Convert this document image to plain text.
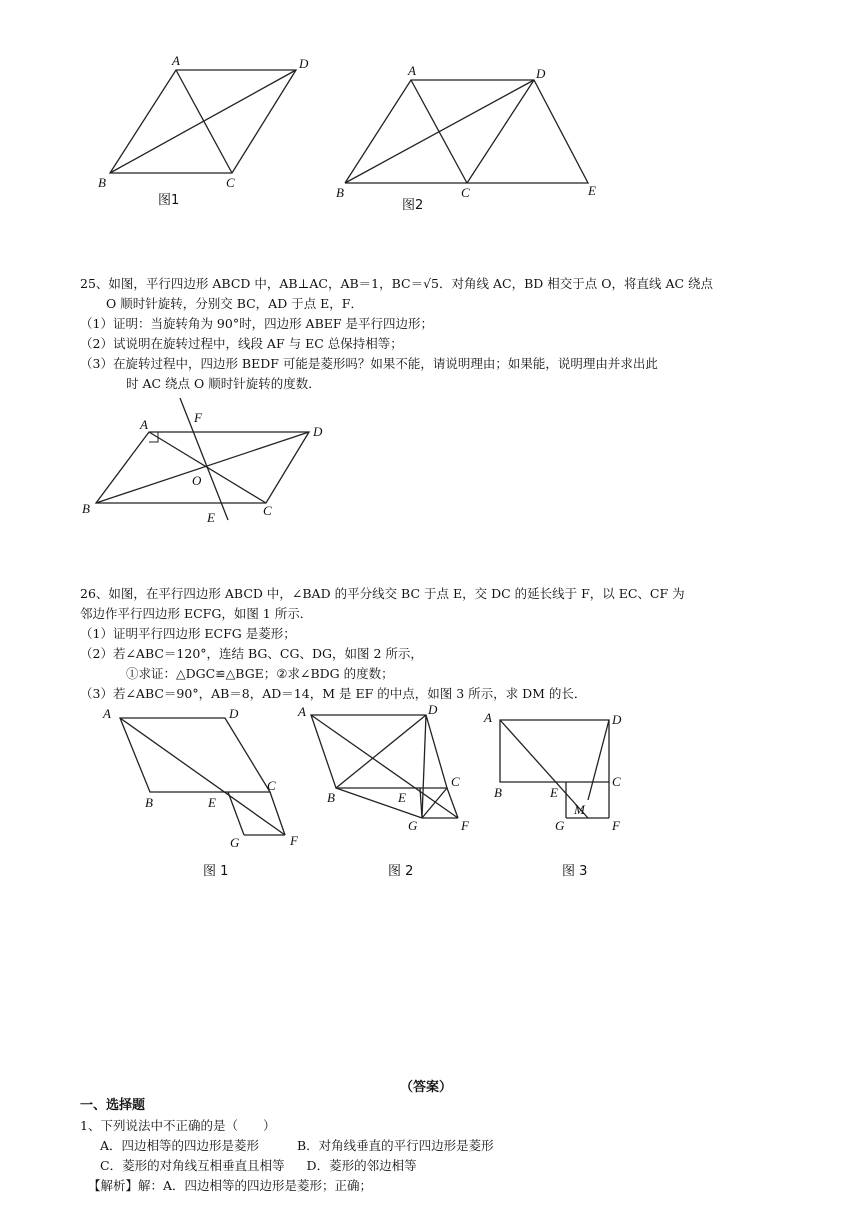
A	D
B	C
图1
A	D
B	C	E
图2
25、如图，平行四边形 ABCD 中，AB⊥AC，AB＝1，BC＝√5．对角线 AC，BD 相交于点 O，将直线 AC 绕点
O 顺时针旋转，分别交 BC，AD 于点 E，F．
（1）证明：当旋转角为 90°时，四边形 ABEF 是平行四边形；
（2）试说明在旋转过程中，线段 AF 与 EC 总保持相等；
（3）在旋转过程中，四边形 BEDF 可能是菱形吗？如果不能，请说明理由；如果能，说明理由并求出此
时 AC 绕点 O 顺时针旋转的度数．
A	F
D
B
O
C
E
26、如图，在平行四边形 ABCD 中，∠BAD 的平分线交 BC 于点 E，交 DC 的延长线于 F，以 EC、CF 为
邻边作平行四边形 ECFG，如图 1 所示．
（1）证明平行四边形 ECFG 是菱形；
（2）若∠ABC＝120°，连结 BG、CG、DG，如图 2 所示，
①求证：△DGC≌△BGE；②求∠BDG 的度数；
（3）若∠ABC＝90°，AB＝8，AD＝14，M 是 EF 的中点，如图 3 所示，求 DM 的长．
A	D
B	E
C
G	F
图 1
A	D
B	E
C
G	F
图 2
A	D
B	E
C
M
G	F
图 3
（答案）
一、选择题
1、下列说法中不正确的是（　　）
A．四边相等的四边形是菱形	B．对角线垂直的平行四边形是菱形
C．菱形的对角线互相垂直且相等 D．菱形的邻边相等
【解析】解：A．四边相等的四边形是菱形；正确；
